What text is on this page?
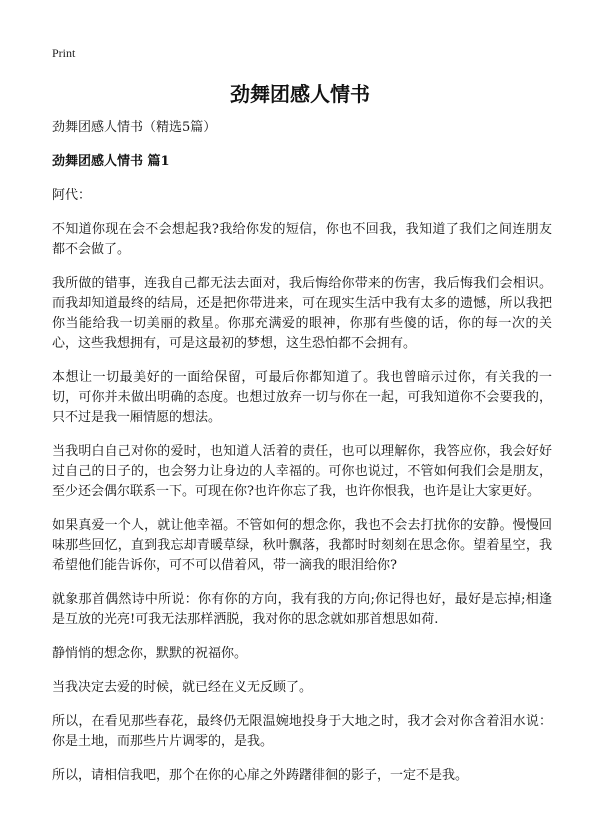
Print
劲舞团感人情书

劲舞团感人情书（精选5篇）

劲舞团感人情书 篇1

阿代：

不知道你现在会不会想起我?我给你发的短信，你也不回我，我知道了我们之间连朋友都不会做了。

我所做的错事，连我自己都无法去面对，我后悔给你带来的伤害，我后悔我们会相识。而我却知道最终的结局，还是把你带进来，可在现实生活中我有太多的遗憾，所以我把你当能给我一切美丽的救星。你那充满爱的眼神，你那有些傻的话，你的每一次的关心，这些我想拥有，可是这最初的梦想，这生恐怕都不会拥有。

本想让一切最美好的一面给保留，可最后你都知道了。我也曾暗示过你，有关我的一切，可你并未做出明确的态度。也想过放弃一切与你在一起，可我知道你不会要我的，只不过是我一厢情愿的想法。

当我明白自己对你的爱时，也知道人活着的责任，也可以理解你，我答应你，我会好好过自己的日子的，也会努力让身边的人幸福的。可你也说过，不管如何我们会是朋友，至少还会偶尔联系一下。可现在你?也许你忘了我，也许你恨我，也许是让大家更好。

如果真爱一个人，就让他幸福。不管如何的想念你，我也不会去打扰你的安静。慢慢回味那些回忆，直到我忘却青暖草绿，秋叶飘落，我都时时刻刻在思念你。望着星空，我希望他们能告诉你，可不可以借着风，带一滴我的眼泪给你?

就象那首偶然诗中所说：你有你的方向，我有我的方向;你记得也好，最好是忘掉;相逢是互放的光亮!可我无法那样洒脱，我对你的思念就如那首想思如荷.

静悄悄的想念你，默默的祝福你。

当我决定去爱的时候，就已经在义无反顾了。

所以，在看见那些春花，最终仍无限温婉地投身于大地之时，我才会对你含着泪水说：你是土地，而那些片片调零的，是我。

所以，请相信我吧，那个在你的心扉之外踌躇徘徊的影子，一定不是我。
